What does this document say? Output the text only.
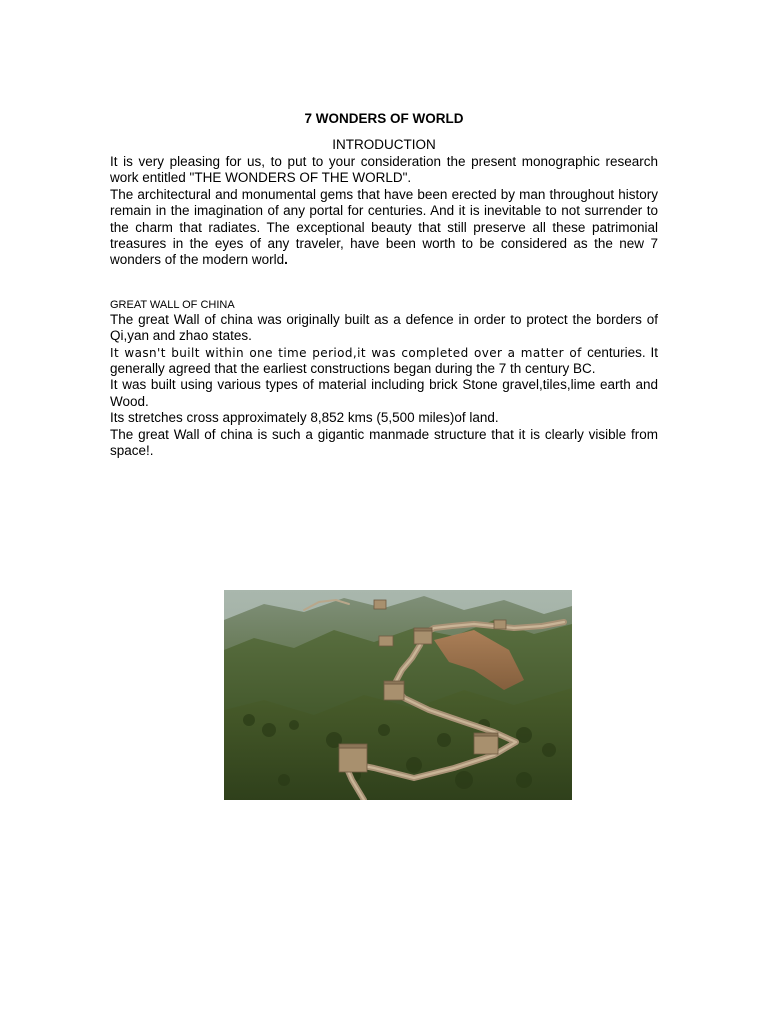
7 WONDERS OF WORLD

INTRODUCTION

It is very pleasing for us, to put to your consideration the present monographic research work entitled "THE WONDERS OF THE WORLD".

The architectural and monumental gems that have been erected by man throughout history remain in the imagination of any portal for centuries. And it is inevitable to not surrender to the charm that radiates. The exceptional beauty that still preserve all these patrimonial treasures in the eyes of any traveler, have been worth to be considered as the new 7 wonders of the modern world.

GREAT WALL OF CHINA

The great Wall of china was originally built as a defence in order to protect the borders of Qi,yan and zhao states.

It wasn't built within one time period,it was completed over a matter of centuries. It generally agreed that the earliest constructions began during the 7 th century BC.

It was built using various types of material including brick Stone gravel,tiles,lime earth and Wood.

Its stretches cross approximately 8,852 kms (5,500 miles)of land.

The great Wall of china is such a gigantic manmade structure that it is clearly visible from space!.
